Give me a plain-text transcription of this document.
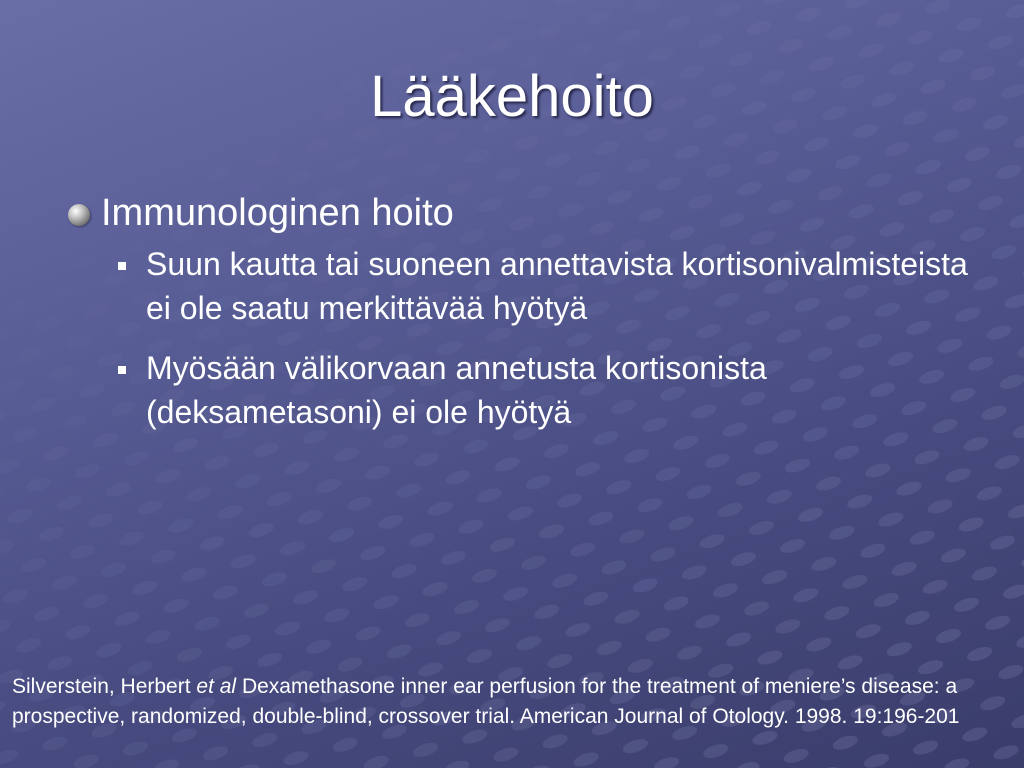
Lääkehoito
Immunologinen hoito
Suun kautta tai suoneen annettavista kortisonivalmisteista ei ole saatu merkittävää hyötyä
Myösään välikorvaan annetusta kortisonista (deksametasoni) ei ole hyötyä
Silverstein, Herbert et al Dexamethasone inner ear perfusion for the treatment of meniere’s disease: a prospective, randomized, double-blind, crossover trial. American Journal of Otology. 1998. 19:196-201
